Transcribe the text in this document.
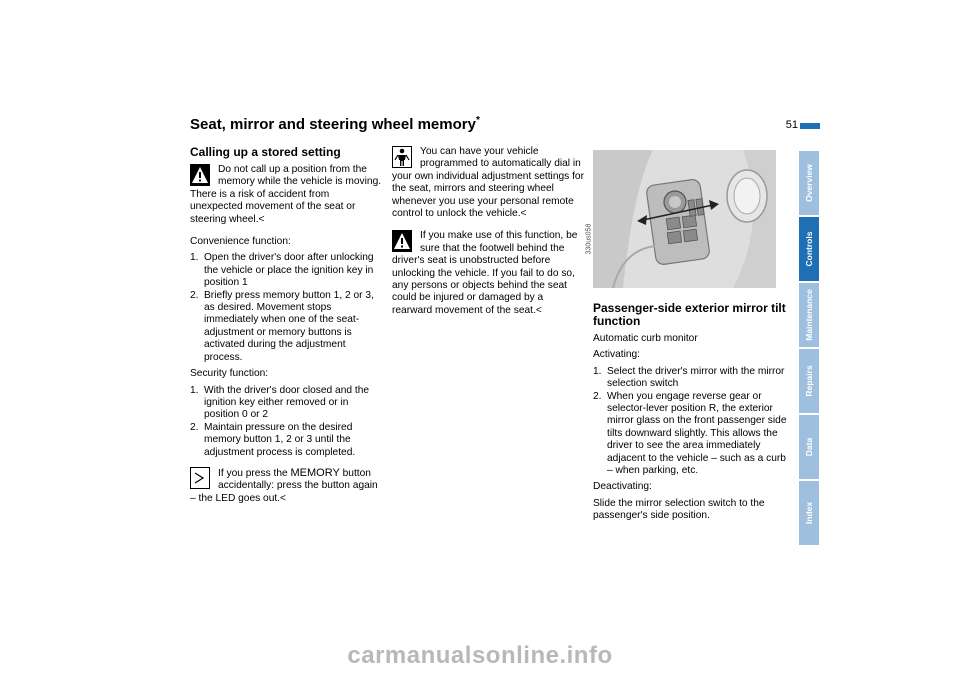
Seat, mirror and steering wheel memory*	51
Calling up a stored setting
Do not call up a position from the memory while the vehicle is moving. There is a risk of accident from unexpected movement of the seat or steering wheel.<

Convenience function:

1. Open the driver's door after unlocking the vehicle or place the ignition key in position 1
2. Briefly press memory button 1, 2 or 3, as desired. Movement stops immediately when one of the seat-adjustment or memory buttons is activated during the adjustment process.

Security function:

1. With the driver's door closed and the ignition key either removed or in position 0 or 2
2. Maintain pressure on the desired memory button 1, 2 or 3 until the adjustment process is completed.
If you press the MEMORY button accidentally: press the button again – the LED goes out.<
You can have your vehicle programmed to automatically dial in your own individual adjustment settings for the seat, mirrors and steering wheel whenever you use your personal remote control to unlock the vehicle.<
If you make use of this function, be sure that the footwell behind the driver's seat is unobstructed before unlocking the vehicle. If you fail to do so, any persons or objects behind the seat could be injured or damaged by a rearward movement of the seat.<
330us058
Passenger-side exterior mirror tilt function

Automatic curb monitor

Activating:

1. Select the driver's mirror with the mirror selection switch
2. When you engage reverse gear or selector-lever position R, the exterior mirror glass on the front passenger side tilts downward slightly. This allows the driver to see the area immediately adjacent to the vehicle – such as a curb – when parking, etc.

Deactivating:

Slide the mirror selection switch to the passenger's side position.

Overview
Controls
Maintenance
Repairs
Data
Index
carmanualsonline.info
